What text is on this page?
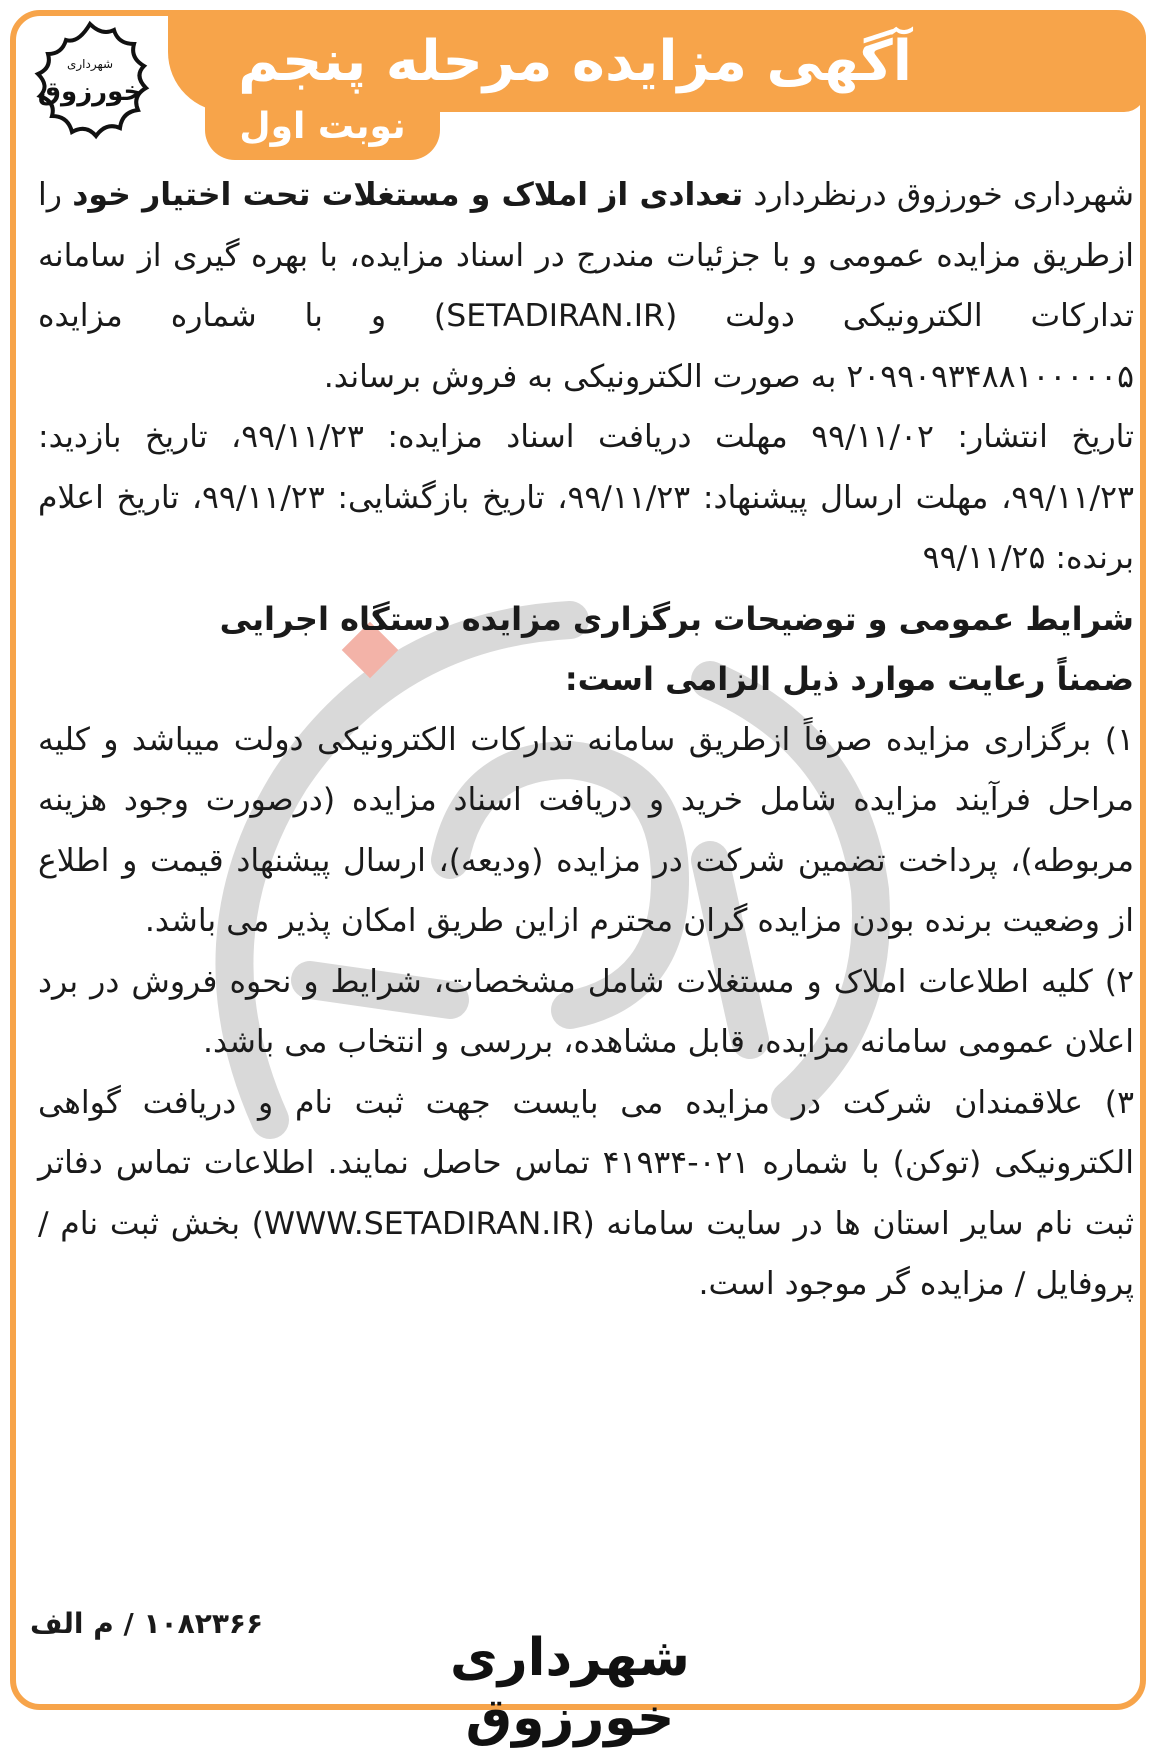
آگهی مزایده مرحله پنجم
نوبت اول
شهرداری
خورزوق

شهرداری خورزوق درنظردارد تعدادی از املاک و مستغلات تحت اختیار خود را ازطریق مزایده عمومی و با جزئیات مندرج در اسناد مزایده، با بهره گیری از سامانه تدارکات الکترونیکی دولت (SETADIRAN.IR) و با شماره مزایده ۲۰۹۹۰۹۳۴۸۸۱۰۰۰۰۰۵ به صورت الکترونیکی به فروش برساند.

تاریخ انتشار: ۹۹/۱۱/۰۲ مهلت دریافت اسناد مزایده: ۹۹/۱۱/۲۳، تاریخ بازدید: ۹۹/۱۱/۲۳، مهلت ارسال پیشنهاد: ۹۹/۱۱/۲۳، تاریخ بازگشایی: ۹۹/۱۱/۲۳، تاریخ اعلام برنده: ۹۹/۱۱/۲۵

شرایط عمومی و توضیحات برگزاری مزایده دستگاه اجرایی

ضمناً رعایت موارد ذیل الزامی است:

۱) برگزاری مزایده صرفاً ازطریق سامانه تدارکات الکترونیکی دولت میباشد و کلیه مراحل فرآیند مزایده شامل خرید و دریافت اسناد مزایده (درصورت وجود هزینه مربوطه)، پرداخت تضمین شرکت در مزایده (ودیعه)، ارسال پیشنهاد قیمت و اطلاع از وضعیت برنده بودن مزایده گران محترم ازاین طریق امکان پذیر می باشد.

۲) کلیه اطلاعات املاک و مستغلات شامل مشخصات، شرایط و نحوه فروش در برد اعلان عمومی سامانه مزایده، قابل مشاهده، بررسی و انتخاب می باشد.

۳) علاقمندان شرکت در مزایده می بایست جهت ثبت نام و دریافت گواهی الکترونیکی (توکن) با شماره ۰۲۱-۴۱۹۳۴ تماس حاصل نمایند. اطلاعات تماس دفاتر ثبت نام سایر استان ها در سایت سامانه (WWW.SETADIRAN.IR) بخش ثبت نام / پروفایل / مزایده گر موجود است.

۱۰۸۲۳۶۶ / م الف
شهرداری خورزوق
